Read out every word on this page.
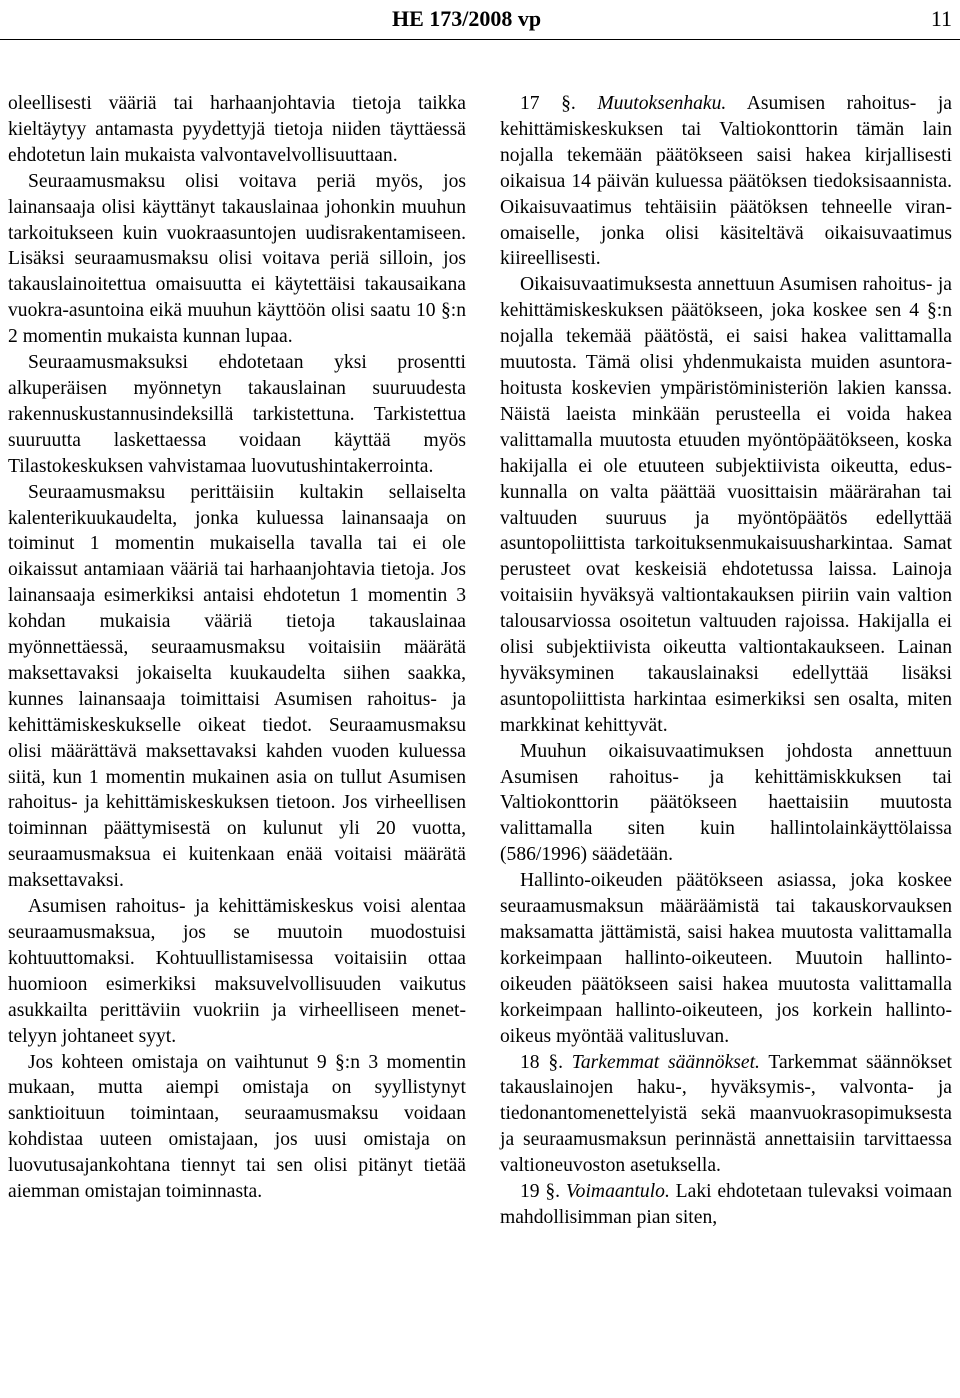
HE 173/2008 vp	11

oleellisesti vääriä tai harhaanjohtavia tietoja taikka kieltäytyy antamasta pyydettyjä tietoja niiden täyttäessä ehdotetun lain mukaista valvontavelvollisuuttaan.

Seuraamusmaksu olisi voitava periä myös, jos lainansaaja olisi käyttänyt takauslainaa johonkin muuhun tarkoitukseen kuin vuokraasuntojen uudisrakentamiseen. Lisäksi seuraamusmaksu olisi voitava periä silloin, jos takauslainoitettua omaisuutta ei käytettäisi takausaikana vuokra-asuntoina eikä muuhun käyttöön olisi saatu 10 §:n 2 momentin mukaista kunnan lupaa.

Seuraamusmaksuksi ehdotetaan yksi prosentti alkuperäisen myönnetyn takauslainan suuruudesta rakennuskustannusindeksillä tarkistettuna. Tarkistettua suuruutta laskettaessa voidaan käyttää myös Tilastokeskuksen vahvistamaa luovutushintakerrointa.

Seuraamusmaksu perittäisiin kultakin sellaiselta kalenterikuukaudelta, jonka kuluessa lainansaaja on toiminut 1 momentin mukaisella tavalla tai ei ole oikaissut antamiaan vääriä tai harhaanjohtavia tietoja. Jos lainansaaja esimerkiksi antaisi ehdotetun 1 momentin 3 kohdan mukaisia vääriä tietoja takauslainaa myönnettäessä, seuraamusmaksu voitaisiin määrätä maksettavaksi jokaiselta kuukaudelta siihen saakka, kunnes lainansaaja toimittaisi Asumisen rahoitus- ja kehittämiskeskukselle oikeat tiedot. Seuraamusmaksu olisi määrättävä maksettavaksi kahden vuoden kuluessa siitä, kun 1 momentin mukainen asia on tullut Asumisen rahoitus- ja kehittämiskeskuksen tietoon. Jos virheellisen toiminnan päättymisestä on kulunut yli 20 vuotta, seuraamusmaksua ei kuitenkaan enää voitaisi määrätä maksettavaksi.

Asumisen rahoitus- ja kehittämiskeskus voisi alentaa seuraamusmaksua, jos se muutoin muodostuisi kohtuuttomaksi. Kohtuullistamisessa voitaisiin ottaa huomioon esimerkiksi maksuvelvollisuuden vaikutus asukkailta perittäviin vuokriin ja virheelliseen menettelyyn johtaneet syyt.

Jos kohteen omistaja on vaihtunut 9 §:n 3 momentin mukaan, mutta aiempi omistaja on syyllistynyt sanktioituun toimintaan, seuraamusmaksu voidaan kohdistaa uuteen omistajaan, jos uusi omistaja on luovutusajankohtana tiennyt tai sen olisi pitänyt tietää aiemman omistajan toiminnasta.

17 §. Muutoksenhaku. Asumisen rahoitus- ja kehittämiskeskuksen tai Valtiokonttorin tämän lain nojalla tekemään päätökseen saisi hakea kirjallisesti oikaisua 14 päivän kuluessa päätöksen tiedoksisaannista. Oikaisuvaatimus tehtäisiin päätöksen tehneelle viranomaiselle, jonka olisi käsiteltävä oikaisuvaatimus kiireellisesti.

Oikaisuvaatimuksesta annettuun Asumisen rahoitus- ja kehittämiskeskuksen päätökseen, joka koskee sen 4 §:n nojalla tekemää päätöstä, ei saisi hakea valittamalla muutosta. Tämä olisi yhdenmukaista muiden asuntorahoitusta koskevien ympäristöministeriön lakien kanssa. Näistä laeista minkään perusteella ei voida hakea valittamalla muutosta etuuden myöntöpäätökseen, koska hakijalla ei ole etuuteen subjektiivista oikeutta, eduskunnalla on valta päättää vuosittaisin määrärahan tai valtuuden suuruus ja myöntöpäätös edellyttää asuntopoliittista tarkoituksenmukaisuusharkintaa. Samat perusteet ovat keskeisiä ehdotetussa laissa. Lainoja voitaisiin hyväksyä valtiontakauksen piiriin vain valtion talousarviossa osoitetun valtuuden rajoissa. Hakijalla ei olisi subjektiivista oikeutta valtiontakaukseen. Lainan hyväksyminen takauslainaksi edellyttää lisäksi asuntopoliittista harkintaa esimerkiksi sen osalta, miten markkinat kehittyvät.

Muuhun oikaisuvaatimuksen johdosta annettuun Asumisen rahoitus- ja kehittämiskkuksen tai Valtiokonttorin päätökseen haettaisiin muutosta valittamalla siten kuin hallintolainkäyttölaissa (586/1996) säädetään.

Hallinto-oikeuden päätökseen asiassa, joka koskee seuraamusmaksun määräämistä tai takauskorvauksen maksamatta jättämistä, saisi hakea muutosta valittamalla korkeimpaan hallinto-oikeuteen. Muutoin hallinto-oikeuden päätökseen saisi hakea muutosta valittamalla korkeimpaan hallinto-oikeuteen, jos korkein hallinto-oikeus myöntää valitusluvan.

18 §. Tarkemmat säännökset. Tarkemmat säännökset takauslainojen haku-, hyväksymis-, valvonta- ja tiedonantomenettelyistä sekä maanvuokrasopimuksesta ja seuraamusmaksun perinnästä annettaisiin tarvittaessa valtioneuvoston asetuksella.

19 §. Voimaantulo. Laki ehdotetaan tulevaksi voimaan mahdollisimman pian siten,
